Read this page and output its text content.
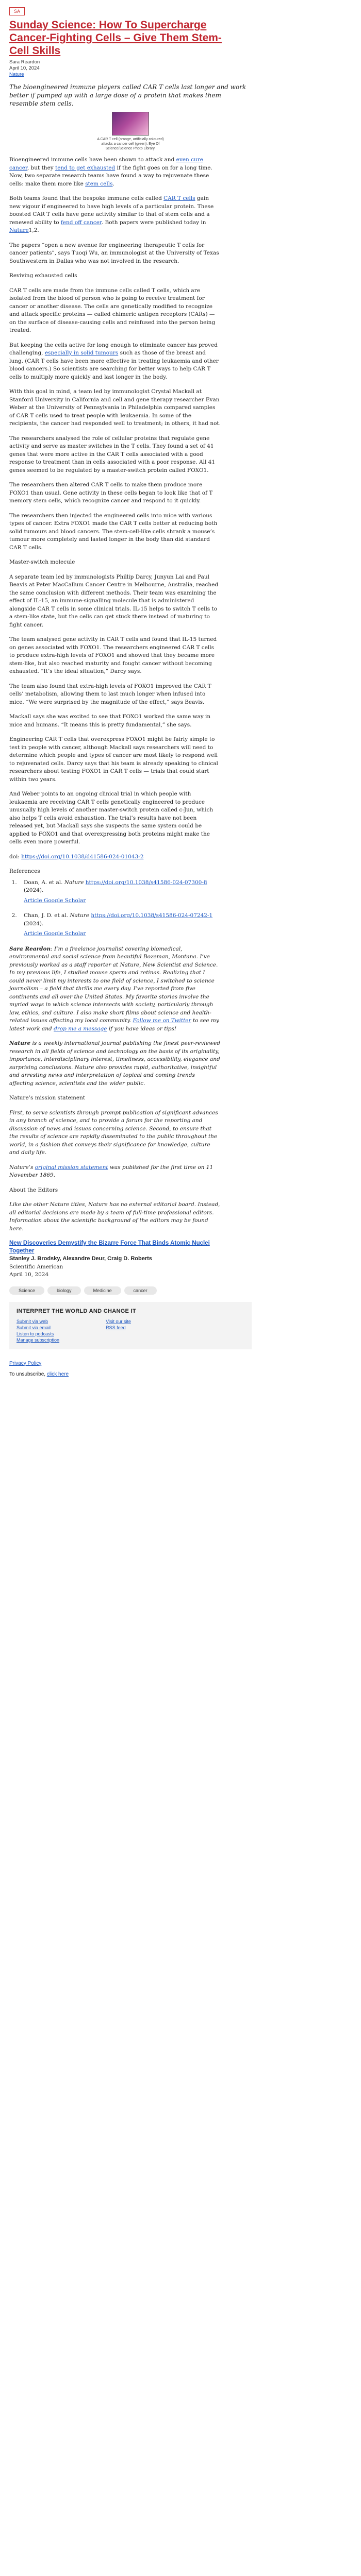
SA
Sunday Science: How To Supercharge Cancer-Fighting Cells – Give Them Stem-Cell Skills
Sara Reardon
April 10, 2024
Nature
The bioengineered immune players called CAR T cells last longer and work better if pumped up with a large dose of a protein that makes them resemble stem cells.
A CAR T cell (orange, artificially coloured) attacks a cancer cell (green). Eye Of Science/Science Photo Library.

Bioengineered immune cells have been shown to attack and even cure cancer, but they tend to get exhausted if the fight goes on for a long time. Now, two separate research teams have found a way to rejuvenate these cells: make them more like stem cells.

Both teams found that the bespoke immune cells called CAR T cells gain new vigour if engineered to have high levels of a particular protein. These boosted CAR T cells have gene activity similar to that of stem cells and a renewed ability to fend off cancer. Both papers were published today in Nature1,2.

The papers “open a new avenue for engineering therapeutic T cells for cancer patients”, says Tuoqi Wu, an immunologist at the University of Texas Southwestern in Dallas who was not involved in the research.

Reviving exhausted cells

CAR T cells are made from the immune cells called T cells, which are isolated from the blood of person who is going to receive treatment for cancer or another disease. The cells are genetically modified to recognize and attack specific proteins — called chimeric antigen receptors (CARs) — on the surface of disease-causing cells and reinfused into the person being treated.

But keeping the cells active for long enough to eliminate cancer has proved challenging, especially in solid tumours such as those of the breast and lung. (CAR T cells have been more effective in treating leukaemia and other blood cancers.) So scientists are searching for better ways to help CAR T cells to multiply more quickly and last longer in the body.

With this goal in mind, a team led by immunologist Crystal Mackall at Stanford University in California and cell and gene therapy researcher Evan Weber at the University of Pennsylvania in Philadelphia compared samples of CAR T cells used to treat people with leukaemia. In some of the recipients, the cancer had responded well to treatment; in others, it had not.

The researchers analysed the role of cellular proteins that regulate gene activity and serve as master switches in the T cells. They found a set of 41 genes that were more active in the CAR T cells associated with a good response to treatment than in cells associated with a poor response. All 41 genes seemed to be regulated by a master-switch protein called FOXO1.

The researchers then altered CAR T cells to make them produce more FOXO1 than usual. Gene activity in these cells began to look like that of T memory stem cells, which recognize cancer and respond to it quickly.

The researchers then injected the engineered cells into mice with various types of cancer. Extra FOXO1 made the CAR T cells better at reducing both solid tumours and blood cancers. The stem-cell-like cells shrank a mouse’s tumour more completely and lasted longer in the body than did standard CAR T cells.

Master-switch molecule

A separate team led by immunologists Phillip Darcy, Junyun Lai and Paul Beavis at Peter MacCallum Cancer Centre in Melbourne, Australia, reached the same conclusion with different methods. Their team was examining the effect of IL-15, an immune-signalling molecule that is administered alongside CAR T cells in some clinical trials. IL-15 helps to switch T cells to a stem-like state, but the cells can get stuck there instead of maturing to fight cancer.

The team analysed gene activity in CAR T cells and found that IL-15 turned on genes associated with FOXO1. The researchers engineered CAR T cells to produce extra-high levels of FOXO1 and showed that they became more stem-like, but also reached maturity and fought cancer without becoming exhausted. “It’s the ideal situation,” Darcy says.

The team also found that extra-high levels of FOXO1 improved the CAR T cells’ metabolism, allowing them to last much longer when infused into mice. “We were surprised by the magnitude of the effect,” says Beavis.

Mackall says she was excited to see that FOXO1 worked the same way in mice and humans. “It means this is pretty fundamental,” she says.

Engineering CAR T cells that overexpress FOXO1 might be fairly simple to test in people with cancer, although Mackall says researchers will need to determine which people and types of cancer are most likely to respond well to rejuvenated cells. Darcy says that his team is already speaking to clinical researchers about testing FOXO1 in CAR T cells — trials that could start within two years.

And Weber points to an ongoing clinical trial in which people with leukaemia are receiving CAR T cells genetically engineered to produce unusually high levels of another master-switch protein called c-Jun, which also helps T cells avoid exhaustion. The trial’s results have not been released yet, but Mackall says she suspects the same system could be applied to FOXO1 and that overexpressing both proteins might make the cells even more powerful.

doi: https://doi.org/10.1038/d41586-024-01043-2

References
1. Doan, A. et al. Nature https://doi.org/10.1038/s41586-024-07300-8 (2024).
Article Google Scholar
2. Chan, J. D. et al. Nature https://doi.org/10.1038/s41586-024-07242-1 (2024).
Article Google Scholar

Sara Reardon: I’m a freelance journalist covering biomedical, environmental and social science from beautiful Bozeman, Montana. I’ve previously worked as a staff reporter at Nature, New Scientist and Science. In my previous life, I studied mouse sperm and retinas. Realizing that I could never limit my interests to one field of science, I switched to science journalism – a field that thrills me every day. I’ve reported from five continents and all over the United States. My favorite stories involve the myriad ways in which science intersects with society, particularly through law, ethics, and culture. I also make short films about science and health-related issues affecting my local community. Follow me on Twitter to see my latest work and drop me a message if you have ideas or tips!

Nature is a weekly international journal publishing the finest peer-reviewed research in all fields of science and technology on the basis of its originality, importance, interdisciplinary interest, timeliness, accessibility, elegance and surprising conclusions. Nature also provides rapid, authoritative, insightful and arresting news and interpretation of topical and coming trends affecting science, scientists and the wider public.

Nature’s mission statement

First, to serve scientists through prompt publication of significant advances in any branch of science, and to provide a forum for the reporting and discussion of news and issues concerning science. Second, to ensure that the results of science are rapidly disseminated to the public throughout the world, in a fashion that conveys their significance for knowledge, culture and daily life.

Nature’s original mission statement was published for the first time on 11 November 1869.

About the Editors

Like the other Nature titles, Nature has no external editorial board. Instead, all editorial decisions are made by a team of full-time professional editors. Information about the scientific background of the editors may be found here.

New Discoveries Demystify the Bizarre Force That Binds Atomic Nuclei Together
Stanley J. Brodsky, Alexandre Deur, Craig D. Roberts
Scientific American
April 10, 2024
Science	biology	Medicine	cancer
INTERPRET THE WORLD AND CHANGE IT
Submit via web
Submit via email
Listen to podcasts
Manage subscription
Visit our site
RSS feed
Privacy Policy
To unsubscribe, click here
